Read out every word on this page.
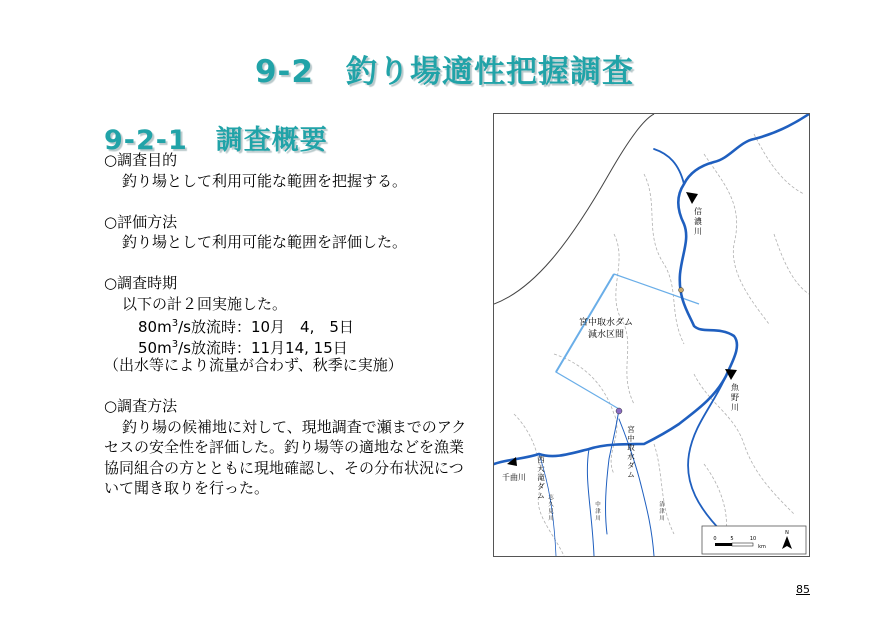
9-2　釣り場適性把握調査
9-2-1　調査概要
○調査目的
釣り場として利用可能な範囲を把握する。
○評価方法
釣り場として利用可能な範囲を評価した。
○調査時期
以下の計２回実施した。
$80m^3/s$放流時：10月　4,　5日
$50m^3/s$放流時：11月14, 15日
（出水等により流量が合わず、秋季に実施）
○調査方法
釣り場の候補地に対して、現地調査で瀬までのアクセスの安全性を評価した。釣り場等の適地などを漁業協同組合の方とともに現地確認し、その分布状況について聞き取りを行った。
信
濃
川
宮中取水ダム
減水区間
魚
野
川
千曲川
西
大
滝
ダ
ム
宮
中
取
水
ダ
ム
志
久
見
川
中
津
川
清
津
川
0	5	10
km
N
85
